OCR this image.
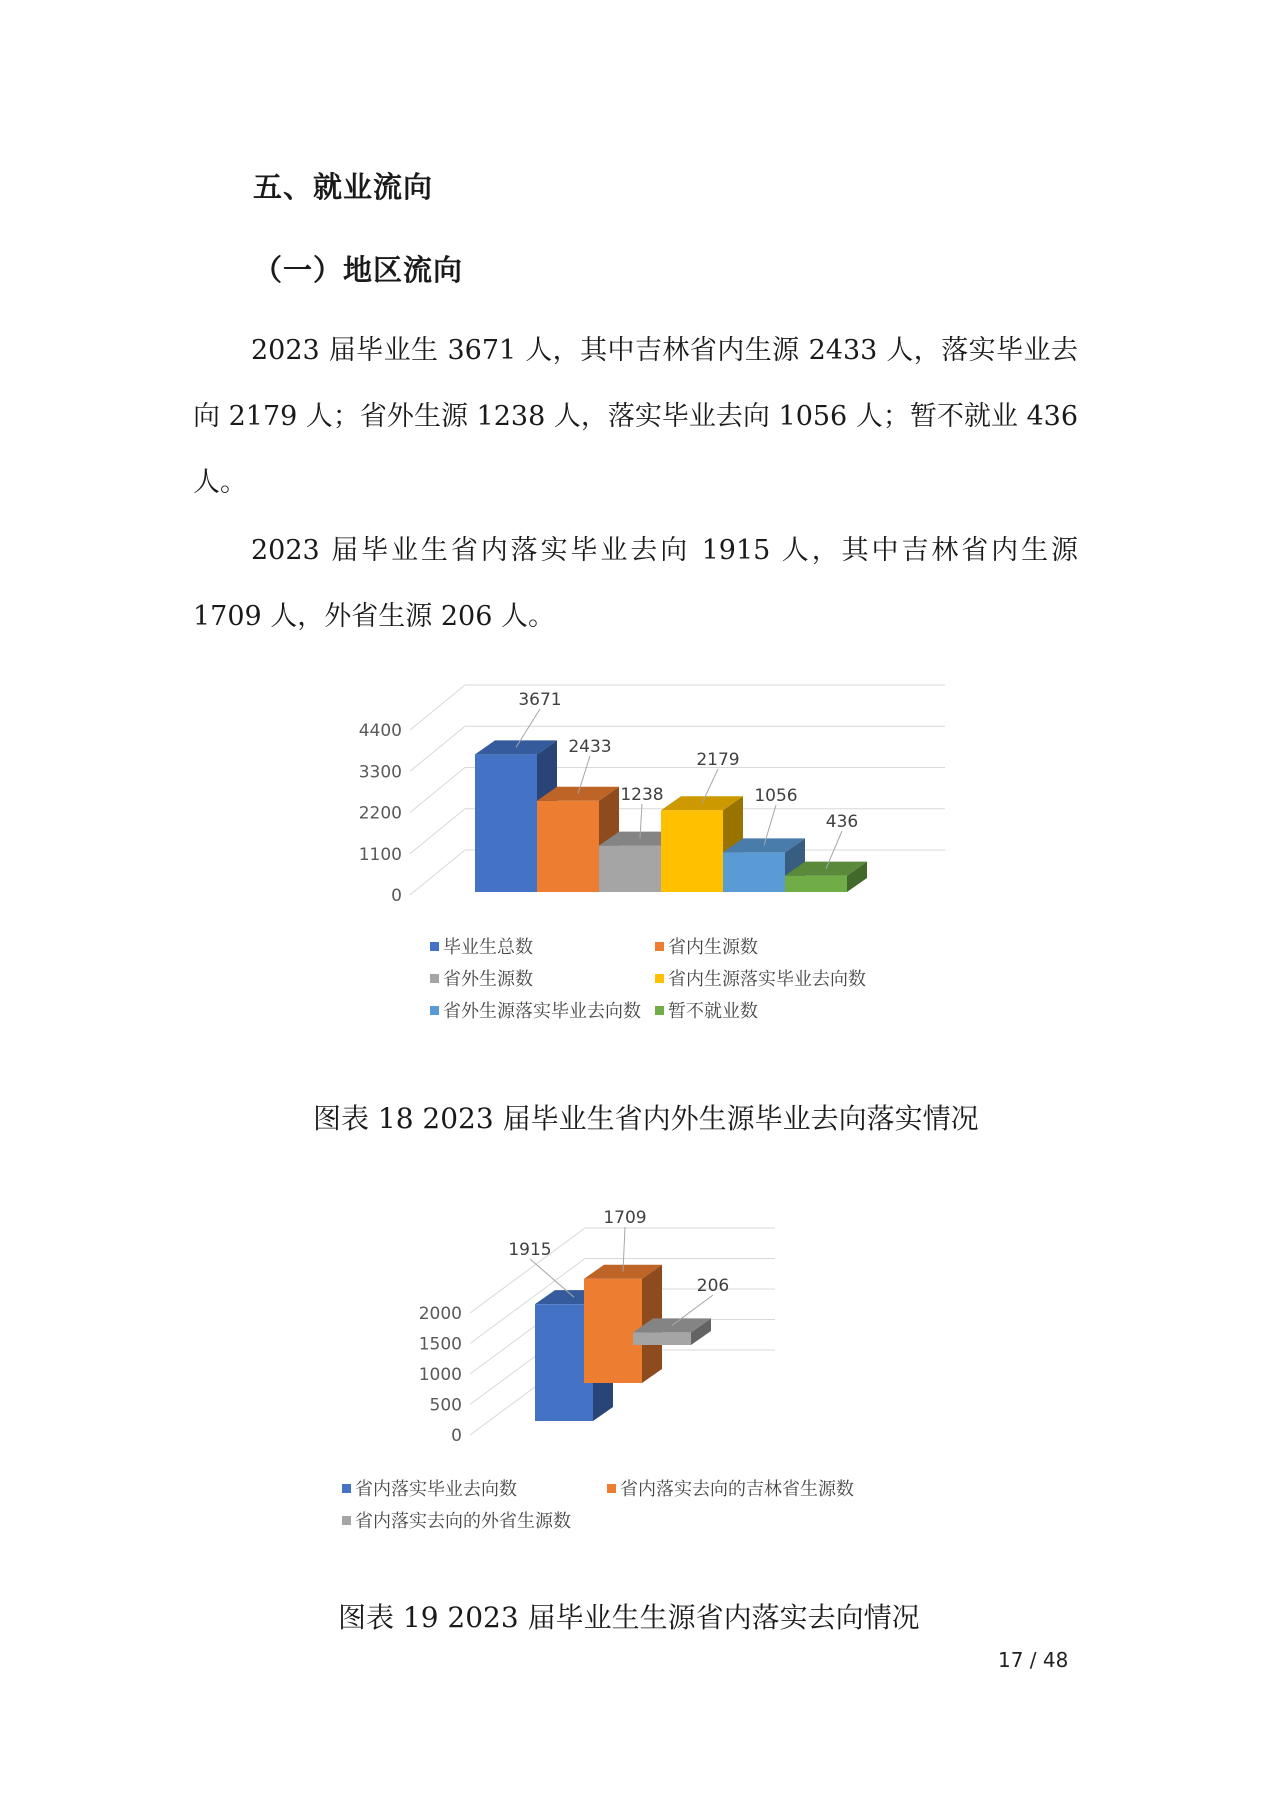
五、就业流向
（一）地区流向

2023 届毕业生 3671 人，其中吉林省内生源 2433 人，落实毕业去向 2179 人；省外生源 1238 人，落实毕业去向 1056 人；暂不就业 436 人。

2023 届毕业生省内落实毕业去向 1915 人，其中吉林省内生源 1709 人，外省生源 206 人。

0
1100
2200
3300
4400
3671
2433
1238
2179
1056
436
毕业生总数	省内生源数
省外生源数	省内生源落实毕业去向数
省外生源落实毕业去向数	暂不就业数
图表 18 2023 届毕业生省内外生源毕业去向落实情况
0
500
1000
1500
2000
1915
1709
206
省内落实毕业去向数	省内落实去向的吉林省生源数
省内落实去向的外省生源数
图表 19 2023 届毕业生生源省内落实去向情况
17 / 48
